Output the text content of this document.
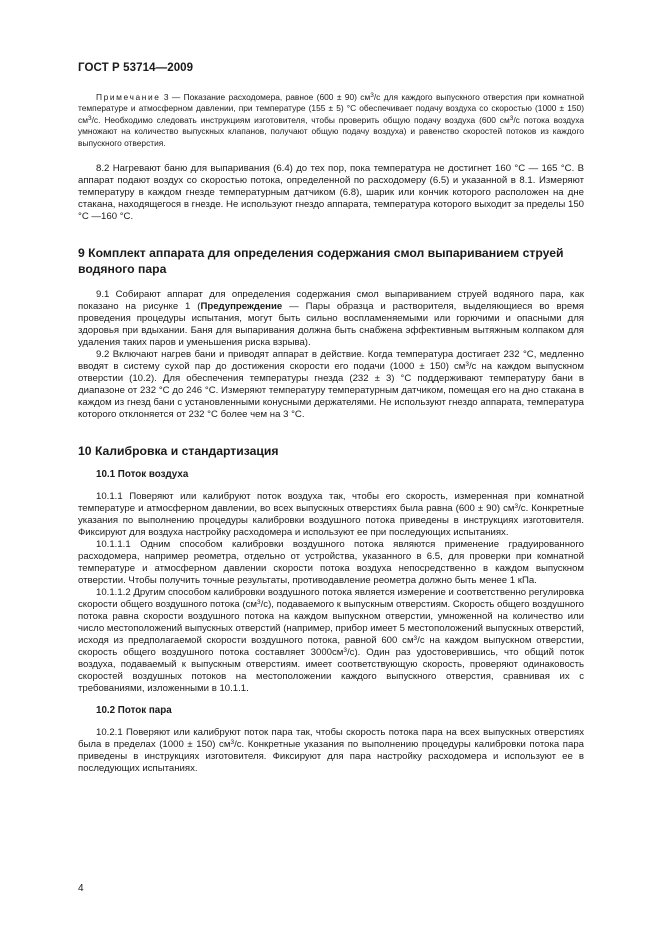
ГОСТ Р 53714—2009

Примечание 3 — Показание расходомера, равное (600 ± 90) $см^3/с$ для каждого выпускного отверстия при комнатной температуре и атмосферном давлении, при температуре (155 ± 5) °С обеспечивает подачу воздуха со скоростью (1000 ± 150) $см^3/с$. Необходимо следовать инструкциям изготовителя, чтобы проверить общую подачу воздуха (600 $см^3/с$ потока воздуха умножают на количество выпускных клапанов, получают общую подачу воздуха) и равенство скоростей потоков из каждого выпускного отверстия.

8.2 Нагревают баню для выпаривания (6.4) до тех пор, пока температура не достигнет 160 °С — 165 °С. В аппарат подают воздух со скоростью потока, определенной по расходомеру (6.5) и указанной в 8.1. Измеряют температуру в каждом гнезде температурным датчиком (6.8), шарик или кончик которого расположен на дне стакана, находящегося в гнезде. Не используют гнездо аппарата, температура которого выходит за пределы 150 °С —160 °С.

9 Комплект аппарата для определения содержания смол выпариванием струей водяного пара

9.1 Собирают аппарат для определения содержания смол выпариванием струей водяного пара, как показано на рисунке 1 (Предупреждение — Пары образца и растворителя, выделяющиеся во время проведения процедуры испытания, могут быть сильно воспламеняемыми или горючими и опасными для здоровья при вдыхании. Баня для выпаривания должна быть снабжена эффективным вытяжным колпаком для удаления таких паров и уменьшения риска взрыва).

9.2 Включают нагрев бани и приводят аппарат в действие. Когда температура достигает 232 °С, медленно вводят в систему сухой пар до достижения скорости его подачи (1000 ± 150) $см^3/с$ на каждом выпускном отверстии (10.2). Для обеспечения температуры гнезда (232 ± 3) °С поддерживают температуру бани в диапазоне от 232 °С до 246 °С. Измеряют температуру температурным датчиком, помещая его на дно стакана в каждом из гнезд бани с установленными конусными держателями. Не используют гнездо аппарата, температура которого отклоняется от 232 °С более чем на 3 °С.

10 Калибровка и стандартизация
10.1 Поток воздуха

10.1.1 Поверяют или калибруют поток воздуха так, чтобы его скорость, измеренная при комнатной температуре и атмосферном давлении, во всех выпускных отверстиях была равна (600 ± 90) $см^3/с$. Конкретные указания по выполнению процедуры калибровки воздушного потока приведены в инструкциях изготовителя. Фиксируют для воздуха настройку расходомера и используют ее при последующих испытаниях.

10.1.1.1 Одним способом калибровки воздушного потока являются применение градуированного расходомера, например реометра, отдельно от устройства, указанного в 6.5, для проверки при комнатной температуре и атмосферном давлении скорости потока воздуха непосредственно в каждом выпускном отверстии. Чтобы получить точные результаты, противодавление реометра должно быть менее 1 кПа.

10.1.1.2 Другим способом калибровки воздушного потока является измерение и соответственно регулировка скорости общего воздушного потока $(см^3/с)$, подаваемого к выпускным отверстиям. Скорость общего воздушного потока равна скорости воздушного потока на каждом выпускном отверстии, умноженной на количество или число местоположений выпускных отверстий (например, прибор имеет 5 местоположений выпускных отверстий, исходя из предполагаемой скорости воздушного потока, равной 600 $см^3/с$ на каждом выпускном отверстии, скорость общего воздушного потока составляет $3000см^3/с$). Один раз удостоверившись, что общий поток воздуха, подаваемый к выпускным отверстиям. имеет соответствующую скорость, проверяют одинаковость скоростей воздушных потоков на местоположении каждого выпускного отверстия, сравнивая их с требованиями, изложенными в 10.1.1.

10.2 Поток пара

10.2.1 Поверяют или калибруют поток пара так, чтобы скорость потока пара на всех выпускных отверстиях была в пределах (1000 ± 150) $см^3/с$. Конкретные указания по выполнению процедуры калибровки потока пара приведены в инструкциях изготовителя. Фиксируют для пара настройку расходомера и используют ее в последующих испытаниях.

4
